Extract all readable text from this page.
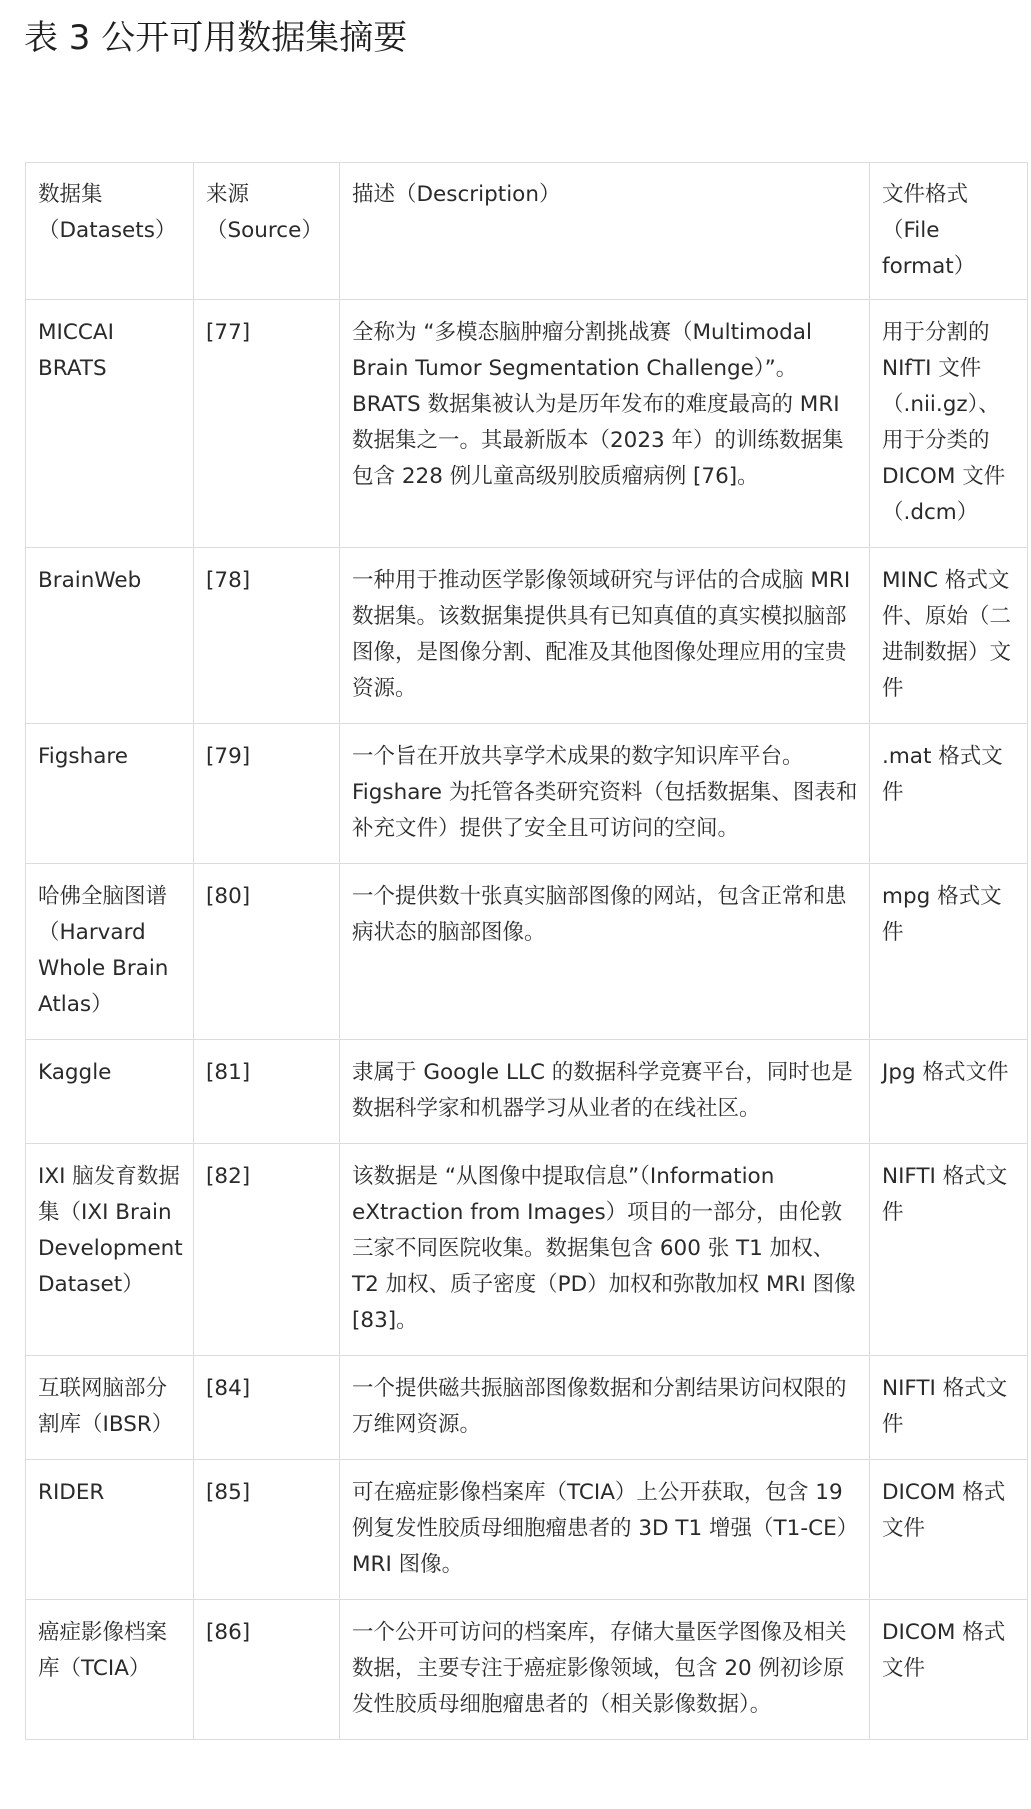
表 3 公开可用数据集摘要
数据集（Datasets）	来源（Source）	描述（Description）	文件格式（File format）
MICCAI BRATS	[77]	全称为 “多模态脑肿瘤分割挑战赛（Multimodal Brain Tumor Segmentation Challenge）”。BRATS 数据集被认为是历年发布的难度最高的 MRI 数据集之一。其最新版本（2023 年）的训练数据集包含 228 例儿童高级别胶质瘤病例 [76]。	用于分割的 NIfTI 文件（.nii.gz）、用于分类的 DICOM 文件（.dcm）
BrainWeb	[78]	一种用于推动医学影像领域研究与评估的合成脑 MRI 数据集。该数据集提供具有已知真值的真实模拟脑部图像，是图像分割、配准及其他图像处理应用的宝贵资源。	MINC 格式文件、原始（二进制数据）文件
Figshare	[79]	一个旨在开放共享学术成果的数字知识库平台。Figshare 为托管各类研究资料（包括数据集、图表和补充文件）提供了安全且可访问的空间。	.mat 格式文件
哈佛全脑图谱（Harvard Whole Brain Atlas）	[80]	一个提供数十张真实脑部图像的网站，包含正常和患病状态的脑部图像。	mpg 格式文件
Kaggle	[81]	隶属于 Google LLC 的数据科学竞赛平台，同时也是数据科学家和机器学习从业者的在线社区。	Jpg 格式文件
IXI 脑发育数据集（IXI Brain Development Dataset）	[82]	该数据是 “从图像中提取信息”（Information eXtraction from Images）项目的一部分，由伦敦三家不同医院收集。数据集包含 600 张 T1 加权、T2 加权、质子密度（PD）加权和弥散加权 MRI 图像 [83]。	NIFTI 格式文件
互联网脑部分割库（IBSR）	[84]	一个提供磁共振脑部图像数据和分割结果访问权限的万维网资源。	NIFTI 格式文件
RIDER	[85]	可在癌症影像档案库（TCIA）上公开获取，包含 19 例复发性胶质母细胞瘤患者的 3D T1 增强（T1-CE）MRI 图像。	DICOM 格式文件
癌症影像档案库（TCIA）	[86]	一个公开可访问的档案库，存储大量医学图像及相关数据，主要专注于癌症影像领域，包含 20 例初诊原发性胶质母细胞瘤患者的（相关影像数据）。	DICOM 格式文件
